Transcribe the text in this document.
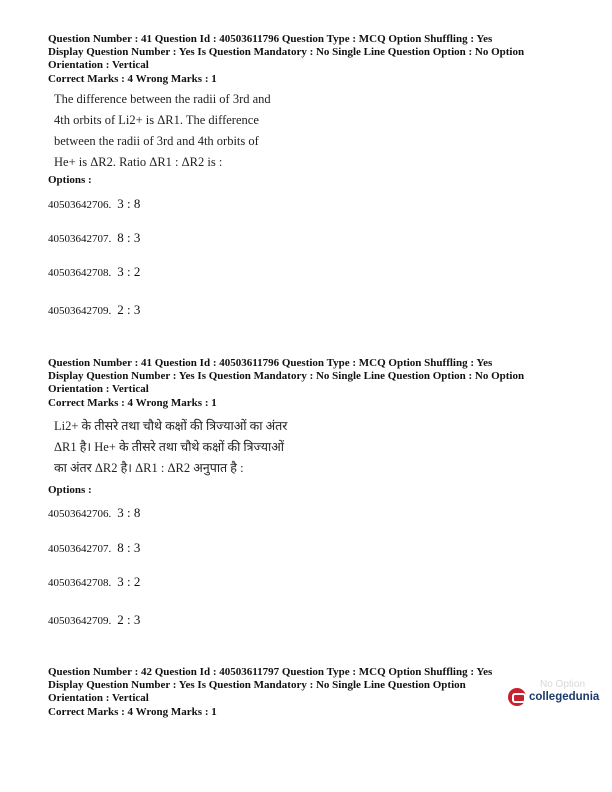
Question Number : 41 Question Id : 40503611796 Question Type : MCQ Option Shuffling : Yes
Display Question Number : Yes Is Question Mandatory : No Single Line Question Option : No Option
Orientation : Vertical
Correct Marks : 4 Wrong Marks : 1
The difference between the radii of 3rd and
4th orbits of Li2+ is ΔR1. The difference
between the radii of 3rd and 4th orbits of
He+ is ΔR2. Ratio ΔR1 : ΔR2 is :
Options :
40503642706. 3 : 8
40503642707. 8 : 3
40503642708. 3 : 2
40503642709. 2 : 3
Question Number : 41 Question Id : 40503611796 Question Type : MCQ Option Shuffling : Yes
Display Question Number : Yes Is Question Mandatory : No Single Line Question Option : No Option
Orientation : Vertical
Correct Marks : 4 Wrong Marks : 1
Li2+ के तीसरे तथा चौथे कक्षों की त्रिज्याओं का अंतर
ΔR1 है। He+ के तीसरे तथा चौथे कक्षों की त्रिज्याओं
का अंतर ΔR2 है। ΔR1 : ΔR2 अनुपात है :
Options :
40503642706. 3 : 8
40503642707. 8 : 3
40503642708. 3 : 2
40503642709. 2 : 3
Question Number : 42 Question Id : 40503611797 Question Type : MCQ Option Shuffling : Yes
Display Question Number : Yes Is Question Mandatory : No Single Line Question Option
Orientation : Vertical
Correct Marks : 4 Wrong Marks : 1
No Option
collegedunia
